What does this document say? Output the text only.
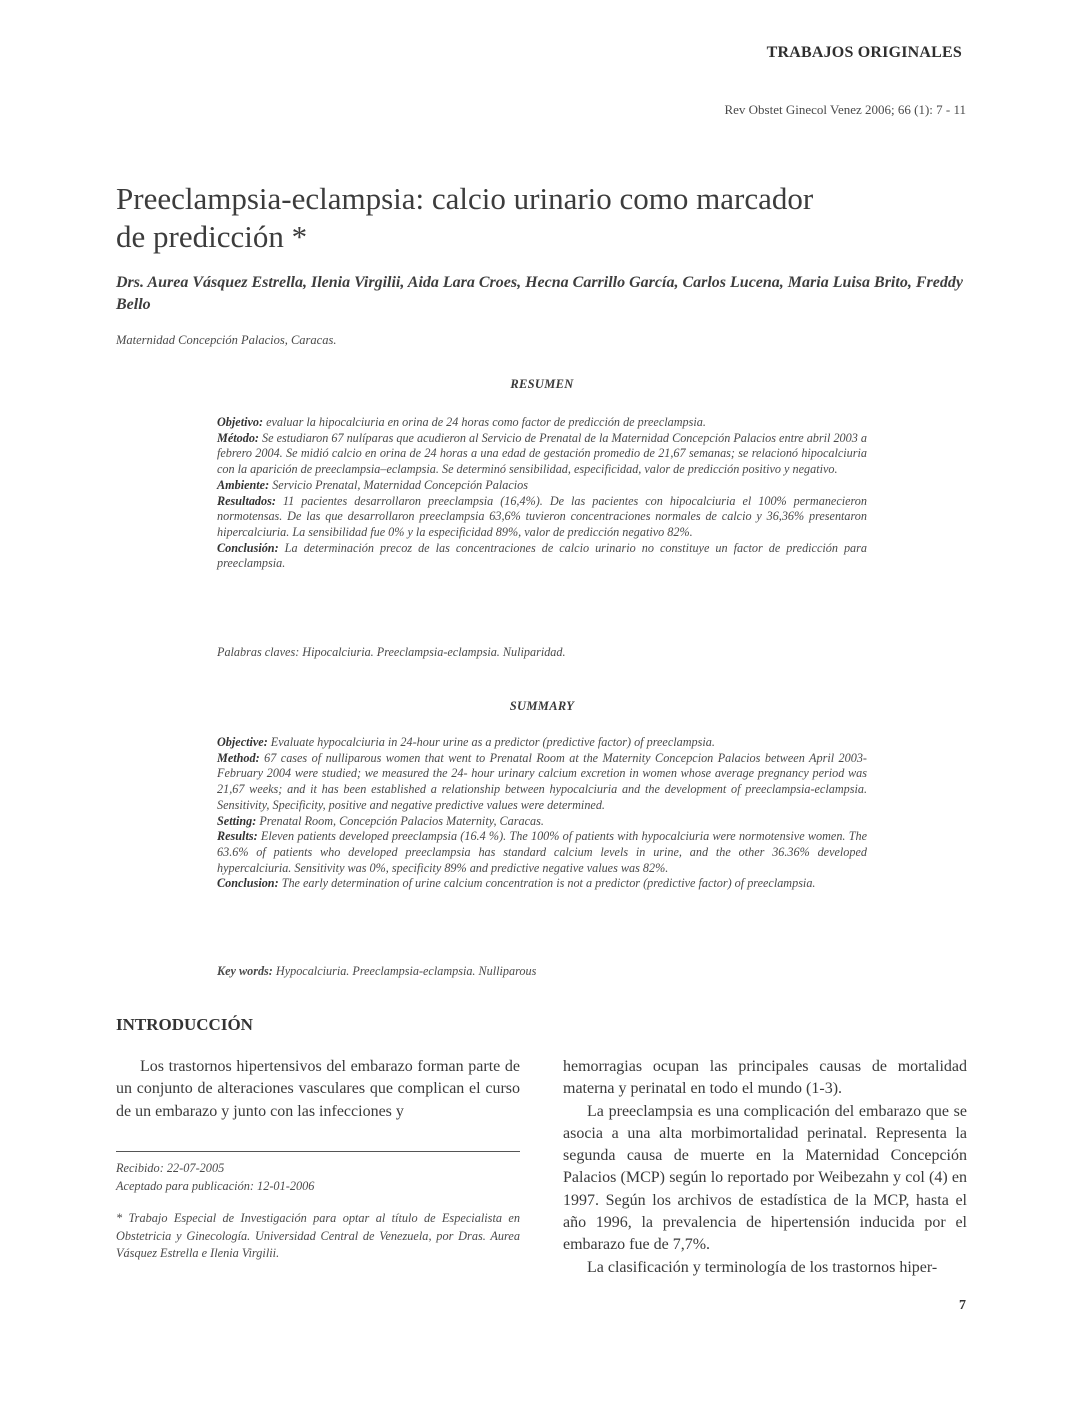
TRABAJOS ORIGINALES
Rev Obstet Ginecol Venez 2006; 66 (1): 7 - 11
Preeclampsia-eclampsia: calcio urinario como marcador
de predicción *
Drs. Aurea Vásquez Estrella, Ilenia Virgilii, Aida Lara Croes, Hecna Carrillo García, Carlos Lucena, Maria Luisa Brito, Freddy Bello
Maternidad Concepción Palacios, Caracas.
RESUMEN

Objetivo: evaluar la hipocalciuria en orina de 24 horas como factor de predicción de preeclampsia.

Método: Se estudiaron 67 nulíparas que acudieron al Servicio de Prenatal de la Maternidad Concepción Palacios entre abril 2003 a febrero 2004. Se midió calcio en orina de 24 horas a una edad de gestación promedio de 21,67 semanas; se relacionó hipocalciuria con la aparición de preeclampsia–eclampsia. Se determinó sensibilidad, especificidad, valor de predicción positivo y negativo.

Ambiente: Servicio Prenatal, Maternidad Concepción Palacios

Resultados: 11 pacientes desarrollaron preeclampsia (16,4%). De las pacientes con hipocalciuria el 100% permanecieron normotensas. De las que desarrollaron preeclampsia 63,6% tuvieron concentraciones normales de calcio y 36,36% presentaron hipercalciuria. La sensibilidad fue 0% y la especificidad 89%, valor de predicción negativo 82%.

Conclusión: La determinación precoz de las concentraciones de calcio urinario no constituye un factor de predicción para preeclampsia.

Palabras claves: Hipocalciuria. Preeclampsia-eclampsia. Nuliparidad.
SUMMARY

Objective: Evaluate hypocalciuria in 24-hour urine as a predictor (predictive factor) of preeclampsia.

Method: 67 cases of nulliparous women that went to Prenatal Room at the Maternity Concepcion Palacios between April 2003- February 2004 were studied; we measured the 24- hour urinary calcium excretion in women whose average pregnancy period was 21,67 weeks; and it has been established a relationship between hypocalciuria and the development of preeclampsia-eclampsia. Sensitivity, Specificity, positive and negative predictive values were determined.

Setting: Prenatal Room, Concepción Palacios Maternity, Caracas.

Results: Eleven patients developed preeclampsia (16.4 %). The 100% of patients with hypocalciuria were normotensive women. The 63.6% of patients who developed preeclampsia has standard calcium levels in urine, and the other 36.36% developed hypercalciuria. Sensitivity was 0%, specificity 89% and predictive negative values was 82%.

Conclusion: The early determination of urine calcium concentration is not a predictor (predictive factor) of preeclampsia.

Key words: Hypocalciuria. Preeclampsia-eclampsia. Nulliparous
INTRODUCCIÓN

Los trastornos hipertensivos del embarazo forman parte de un conjunto de alteraciones vasculares que complican el curso de un embarazo y junto con las infecciones y

Recibido: 22-07-2005

Aceptado para publicación: 12-01-2006

* Trabajo Especial de Investigación para optar al título de Especialista en Obstetricia y Ginecología. Universidad Central de Venezuela, por Dras. Aurea Vásquez Estrella e Ilenia Virgilii.

hemorragias ocupan las principales causas de mortalidad materna y perinatal en todo el mundo (1-3).

La preeclampsia es una complicación del embarazo que se asocia a una alta morbimortalidad perinatal. Representa la segunda causa de muerte en la Maternidad Concepción Palacios (MCP) según lo reportado por Weibezahn y col (4) en 1997. Según los archivos de estadística de la MCP, hasta el año 1996, la prevalencia de hipertensión inducida por el embarazo fue de 7,7%.

La clasificación y terminología de los trastornos hiper-

7
